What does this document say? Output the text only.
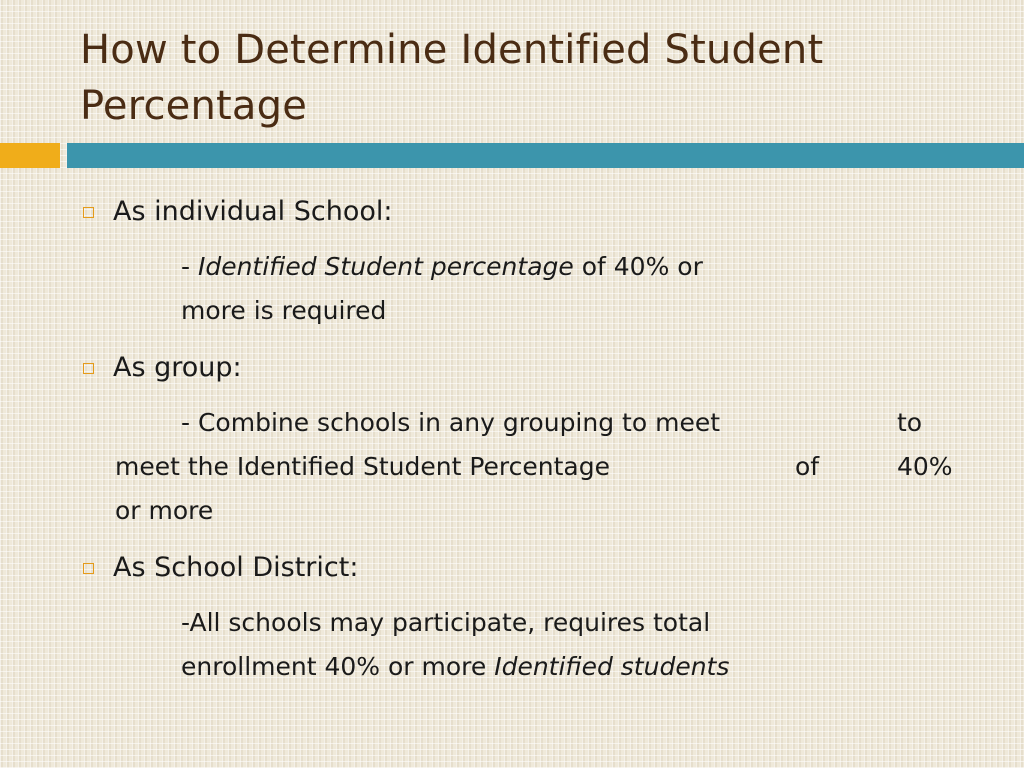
How to Determine Identified Student Percentage
As individual School:
- Identified Student percentage of 40% or
more is required
As group:
- Combine schools in any grouping to meet	to
meet the Identified Student Percentage	of	40%
or more
As School District:
-All schools may participate, requires total
enrollment 40% or more Identified students
